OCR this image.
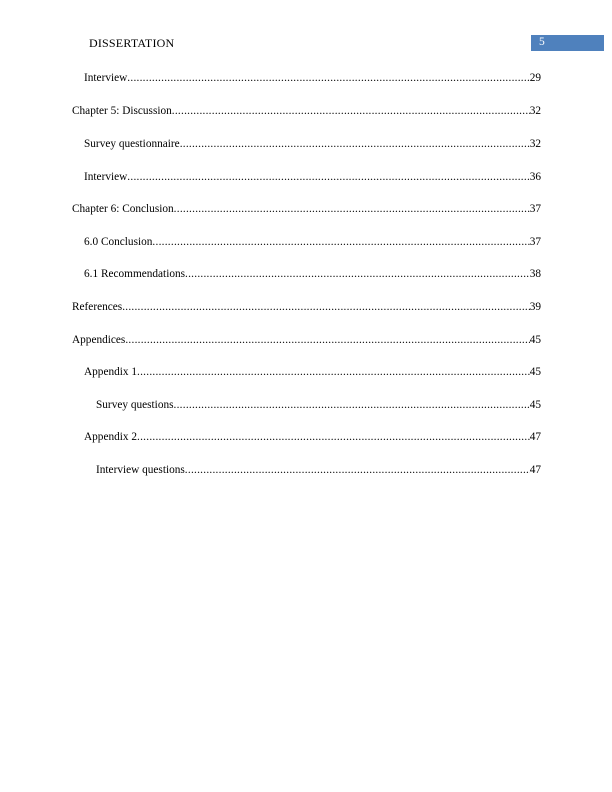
DISSERTATION	5
Interview .....	29
Chapter 5: Discussion .....	32
Survey questionnaire .....	32
Interview .....	36
Chapter 6: Conclusion .....	37
6.0 Conclusion .....	37
6.1 Recommendations .....	38
References .....	39
Appendices .....	45
Appendix 1 .....	45
Survey questions .....	45
Appendix 2 .....	47
Interview questions .....	47
